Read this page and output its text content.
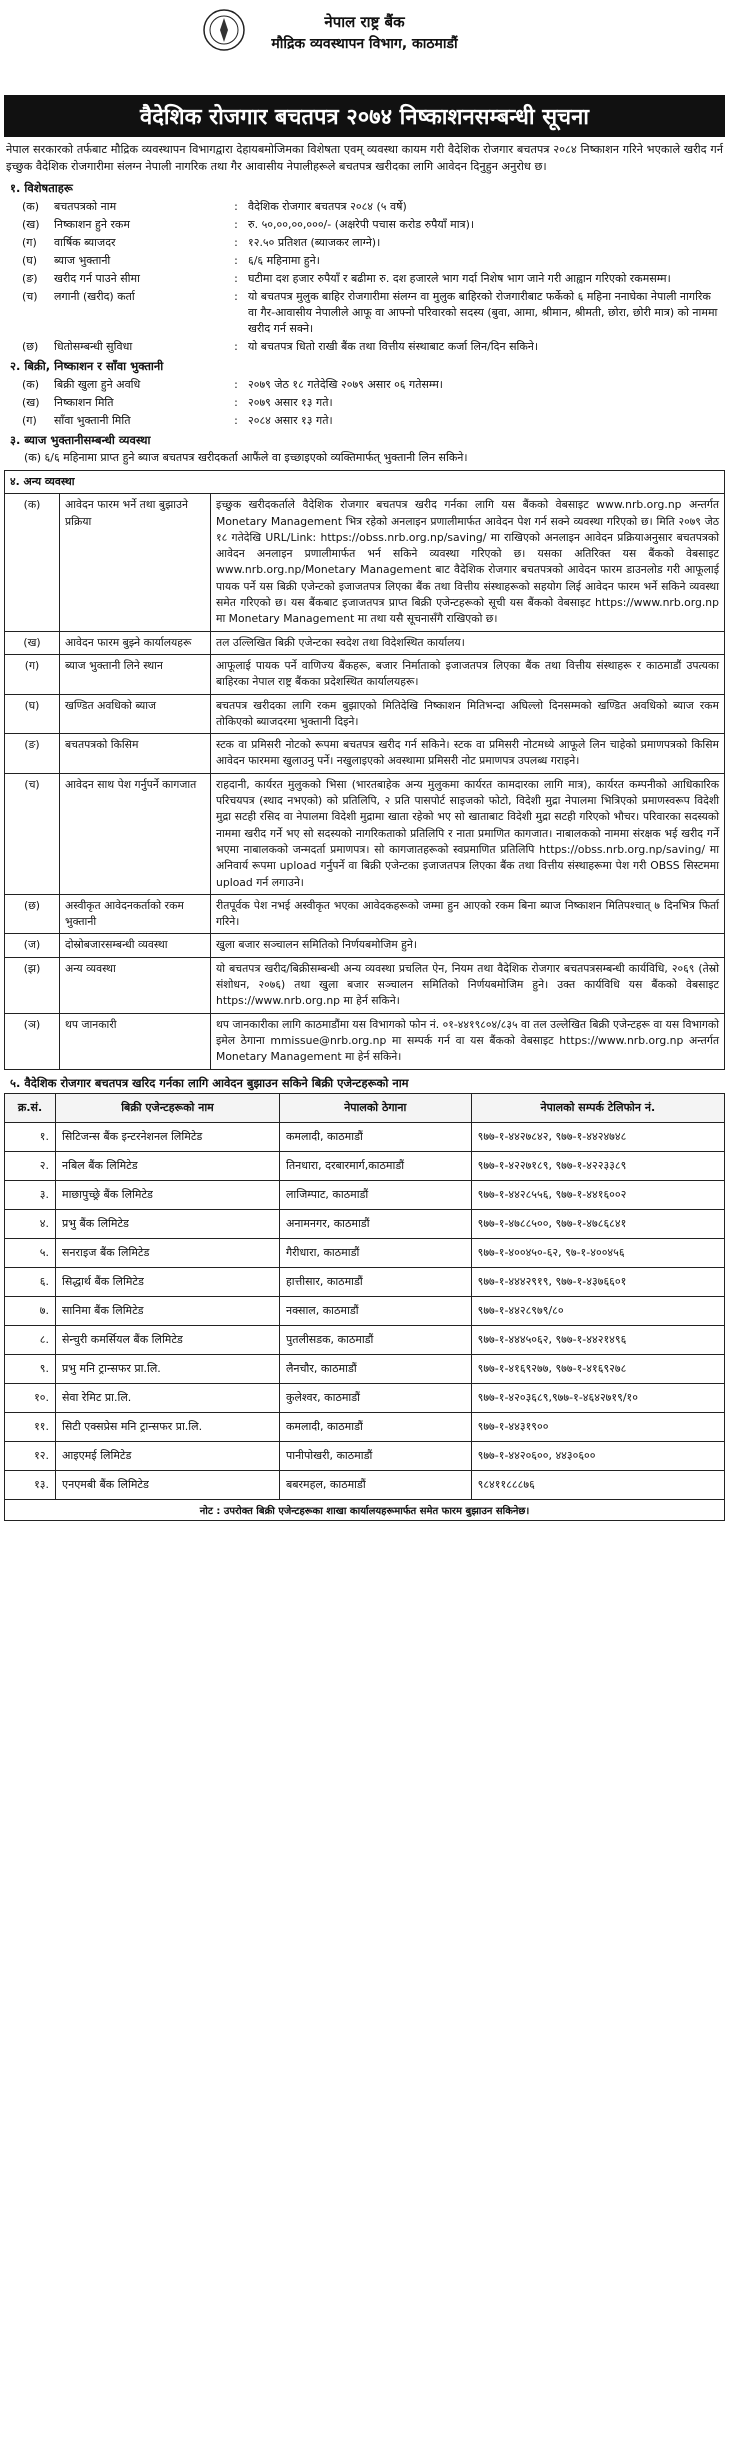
नेपाल राष्ट्र बैंक
मौद्रिक व्यवस्थापन विभाग, काठमाडौं
वैदेशिक रोजगार बचतपत्र २०७४ निष्काशनसम्बन्धी सूचना
नेपाल सरकारको तर्फबाट मौद्रिक व्यवस्थापन विभागद्वारा देहायबमोजिमका विशेषता एवम् व्यवस्था कायम गरी वैदेशिक रोजगार बचतपत्र २०८४ निष्काशन गरिने भएकाले खरीद गर्न इच्छुक वैदेशिक रोजगारीमा संलग्न नेपाली नागरिक तथा गैर आवासीय नेपालीहरूले बचतपत्र खरीदका लागि आवेदन दिनुहुन अनुरोध छ।
१. विशेषताहरू
(क)	बचतपत्रको नाम	:	वैदेशिक रोजगार बचतपत्र २०८४ (५ वर्षे)
(ख)	निष्काशन हुने रकम	:	रु. ५०,००,००,०००/- (अक्षरेपी पचास करोड रुपैयाँ मात्र)।
(ग)	वार्षिक ब्याजदर	:	१२.५० प्रतिशत (ब्याजकर लाग्ने)।
(घ)	ब्याज भुक्तानी	:	६/६ महिनामा हुने।
(ङ)	खरीद गर्न पाउने सीमा	:	घटीमा दश हजार रुपैयाँ र बढीमा रु. दश हजारले भाग गर्दा निशेष भाग जाने गरी आह्वान गरिएको रकमसम्म।
(च)	लगानी (खरीद) कर्ता	:	यो बचतपत्र मुलुक बाहिर रोजगारीमा संलग्न वा मुलुक बाहिरको रोजगारीबाट फर्केको ६ महिना ननाघेका नेपाली नागरिक वा गैर-आवासीय नेपालीले आफू वा आफ्नो परिवारको सदस्य (बुवा, आमा, श्रीमान, श्रीमती, छोरा, छोरी मात्र) को नाममा खरीद गर्न सक्ने।
(छ)	धितोसम्बन्धी सुविधा	:	यो बचतपत्र धितो राखी बैंक तथा वित्तीय संस्थाबाट कर्जा लिन/दिन सकिने।
२. बिक्री, निष्काशन र साँवा भुक्तानी
(क)	बिक्री खुला हुने अवधि	:	२०७९ जेठ १८ गतेदेखि २०७९ असार ०६ गतेसम्म।
(ख)	निष्काशन मिति	:	२०७९ असार १३ गते।
(ग)	साँवा भुक्तानी मिति	:	२०८४ असार १३ गते।
३. ब्याज भुक्तानीसम्बन्धी व्यवस्था
(क) ६/६ महिनामा प्राप्त हुने ब्याज बचतपत्र खरीदकर्ता आफैंले वा इच्छाइएको व्यक्तिमार्फत् भुक्तानी लिन सकिने।
४. अन्य व्यवस्था		
(क)	आवेदन फारम भर्ने तथा बुझाउने प्रक्रिया	इच्छुक खरीदकर्ताले वैदेशिक रोजगार बचतपत्र खरीद गर्नका लागि यस बैंकको वेबसाइट www.nrb.org.np अन्तर्गत Monetary Management भित्र रहेको अनलाइन प्रणालीमार्फत आवेदन पेश गर्न सक्ने व्यवस्था गरिएको छ। मिति २०७९ जेठ १८ गतेदेखि URL/Link: https://obss.nrb.org.np/saving/ मा राखिएको अनलाइन आवेदन प्रक्रियाअनुसार बचतपत्रको आवेदन अनलाइन प्रणालीमार्फत भर्न सकिने व्यवस्था गरिएको छ। यसका अतिरिक्त यस बैंकको वेबसाइट www.nrb.org.np/Monetary Management बाट वैदेशिक रोजगार बचतपत्रको आवेदन फारम डाउनलोड गरी आफूलाई पायक पर्ने यस बिक्री एजेन्टको इजाजतपत्र लिएका बैंक तथा वित्तीय संस्थाहरूको सहयोग लिई आवेदन फारम भर्ने सकिने व्यवस्था समेत गरिएको छ। यस बैंकबाट इजाजतपत्र प्राप्त बिक्री एजेन्टहरूको सूची यस बैंकको वेबसाइट https://www.nrb.org.np मा Monetary Management मा तथा यसै सूचनासँगै राखिएको छ।
(ख)	आवेदन फारम बुझ्ने कार्यालयहरू	तल उल्लिखित बिक्री एजेन्टका स्वदेश तथा विदेशस्थित कार्यालय।
(ग)	ब्याज भुक्तानी लिने स्थान	आफूलाई पायक पर्ने वाणिज्य बैंकहरू, बजार निर्माताको इजाजतपत्र लिएका बैंक तथा वित्तीय संस्थाहरू र काठमाडौं उपत्यका बाहिरका नेपाल राष्ट्र बैंकका प्रदेशस्थित कार्यालयहरू।
(घ)	खण्डित अवधिको ब्याज	बचतपत्र खरीदका लागि रकम बुझाएको मितिदेखि निष्काशन मितिभन्दा अघिल्लो दिनसम्मको खण्डित अवधिको ब्याज रकम तोकिएको ब्याजदरमा भुक्तानी दिइने।
(ङ)	बचतपत्रको किसिम	स्टक वा प्रमिसरी नोटको रूपमा बचतपत्र खरीद गर्न सकिने। स्टक वा प्रमिसरी नोटमध्ये आफूले लिन चाहेको प्रमाणपत्रको किसिम आवेदन फारममा खुलाउनु पर्ने। नखुलाइएको अवस्थामा प्रमिसरी नोट प्रमाणपत्र उपलब्ध गराइने।
(च)	आवेदन साथ पेश गर्नुपर्ने कागजात	राहदानी, कार्यरत मुलुकको भिसा (भारतबाहेक अन्य मुलुकमा कार्यरत कामदारका लागि मात्र), कार्यरत कम्पनीको आधिकारिक परिचयपत्र (स्थाद नभएको) को प्रतिलिपि, २ प्रति पासपोर्ट साइजको फोटो, विदेशी मुद्रा नेपालमा भित्रिएको प्रमाणस्वरूप विदेशी मुद्रा सटही रसिद वा नेपालमा विदेशी मुद्रामा खाता रहेको भए सो खाताबाट विदेशी मुद्रा सटही गरिएको भौचर। परिवारका सदस्यको नाममा खरीद गर्ने भए सो सदस्यको नागरिकताको प्रतिलिपि र नाता प्रमाणित कागजात। नाबालकको नाममा संरक्षक भई खरीद गर्ने भएमा नाबालकको जन्मदर्ता प्रमाणपत्र। सो कागजातहरूको स्वप्रमाणित प्रतिलिपि https://obss.nrb.org.np/saving/ मा अनिवार्य रूपमा upload गर्नुपर्ने वा बिक्री एजेन्टका इजाजतपत्र लिएका बैंक तथा वित्तीय संस्थाहरूमा पेश गरी OBSS सिस्टममा upload गर्न लगाउने।
(छ)	अस्वीकृत आवेदनकर्ताको रकम भुक्तानी	रीतपूर्वक पेश नभई अस्वीकृत भएका आवेदकहरूको जम्मा हुन आएको रकम बिना ब्याज निष्काशन मितिपश्चात् ७ दिनभित्र फिर्ता गरिने।
(ज)	दोस्रोबजारसम्बन्धी व्यवस्था	खुला बजार सञ्चालन समितिको निर्णयबमोजिम हुने।
(झ)	अन्य व्यवस्था	यो बचतपत्र खरीद/बिक्रीसम्बन्धी अन्य व्यवस्था प्रचलित ऐन, नियम तथा वैदेशिक रोजगार बचतपत्रसम्बन्धी कार्यविधि, २०६९ (तेस्रो संशोधन, २०७६) तथा खुला बजार सञ्चालन समितिको निर्णयबमोजिम हुने। उक्त कार्यविधि यस बैंकको वेबसाइट https://www.nrb.org.np मा हेर्न सकिने।
(ञ)	थप जानकारी	थप जानकारीका लागि काठमाडौंमा यस विभागको फोन नं. ०१-४४१९८०४/८३५ वा तल उल्लेखित बिक्री एजेन्टहरू वा यस विभागको इमेल ठेगाना mmissue@nrb.org.np मा सम्पर्क गर्न वा यस बैंकको वेबसाइट https://www.nrb.org.np अन्तर्गत Monetary Management मा हेर्न सकिने।
५. वैदेशिक रोजगार बचतपत्र खरिद गर्नका लागि आवेदन बुझाउन सकिने बिक्री एजेन्टहरूको नाम
क्र.सं.	बिक्री एजेन्टहरूको नाम	नेपालको ठेगाना	नेपालको सम्पर्क टेलिफोन नं.
१.	सिटिजन्स बैंक इन्टरनेशनल लिमिटेड	कमलादी, काठमाडौं	९७७-१-४४२७८४२, ९७७-१-४४२४७४८
२.	नबिल बैंक लिमिटेड	तिनधारा, दरबारमार्ग,काठमाडौं	९७७-१-४२२७१८९, ९७७-१-४२२३३८९
३.	माछापुच्छ्रे बैंक लिमिटेड	लाजिम्पाट, काठमाडौं	९७७-१-४४२८५५६, ९७७-१-४४१६००२
४.	प्रभु बैंक लिमिटेड	अनामनगर, काठमाडौं	९७७-१-४७८८५००, ९७७-१-४७८६८४१
५.	सनराइज बैंक लिमिटेड	गैरीधारा, काठमाडौं	९७७-१-४००४५०-६२, ९७-१-४००४५६
६.	सिद्धार्थ बैंक लिमिटेड	हात्तीसार, काठमाडौं	९७७-१-४४४२९१९, ९७७-१-४३७६६०१
७.	सानिमा बैंक लिमिटेड	नक्साल, काठमाडौं	९७७-१-४४२८९७९/८०
८.	सेन्चुरी कमर्सियल बैंक लिमिटेड	पुतलीसडक, काठमाडौं	९७७-१-४४४५०६२, ९७७-१-४४२१४९६
९.	प्रभु मनि ट्रान्सफर प्रा.लि.	लैनचौर, काठमाडौं	९७७-१-४१६९२७७, ९७७-१-४१६९२७८
१०.	सेवा रेमिट प्रा.लि.	कुलेश्वर, काठमाडौं	९७७-१-४२०३६८९,९७७-१-४६४२७१९/१०
११.	सिटी एक्सप्रेस मनि ट्रान्सफर प्रा.लि.	कमलादी, काठमाडौं	९७७-१-४४३१९००
१२.	आइएमई लिमिटेड	पानीपोखरी, काठमाडौं	९७७-१-४४२०६००, ४४३०६००
१३.	एनएमबी बैंक लिमिटेड	बबरमहल, काठमाडौं	९८४११८८८७६
नोट : उपरोक्त बिक्री एजेन्टहरूका शाखा कार्यालयहरूमार्फत समेत फारम बुझाउन सकिनेछ।
